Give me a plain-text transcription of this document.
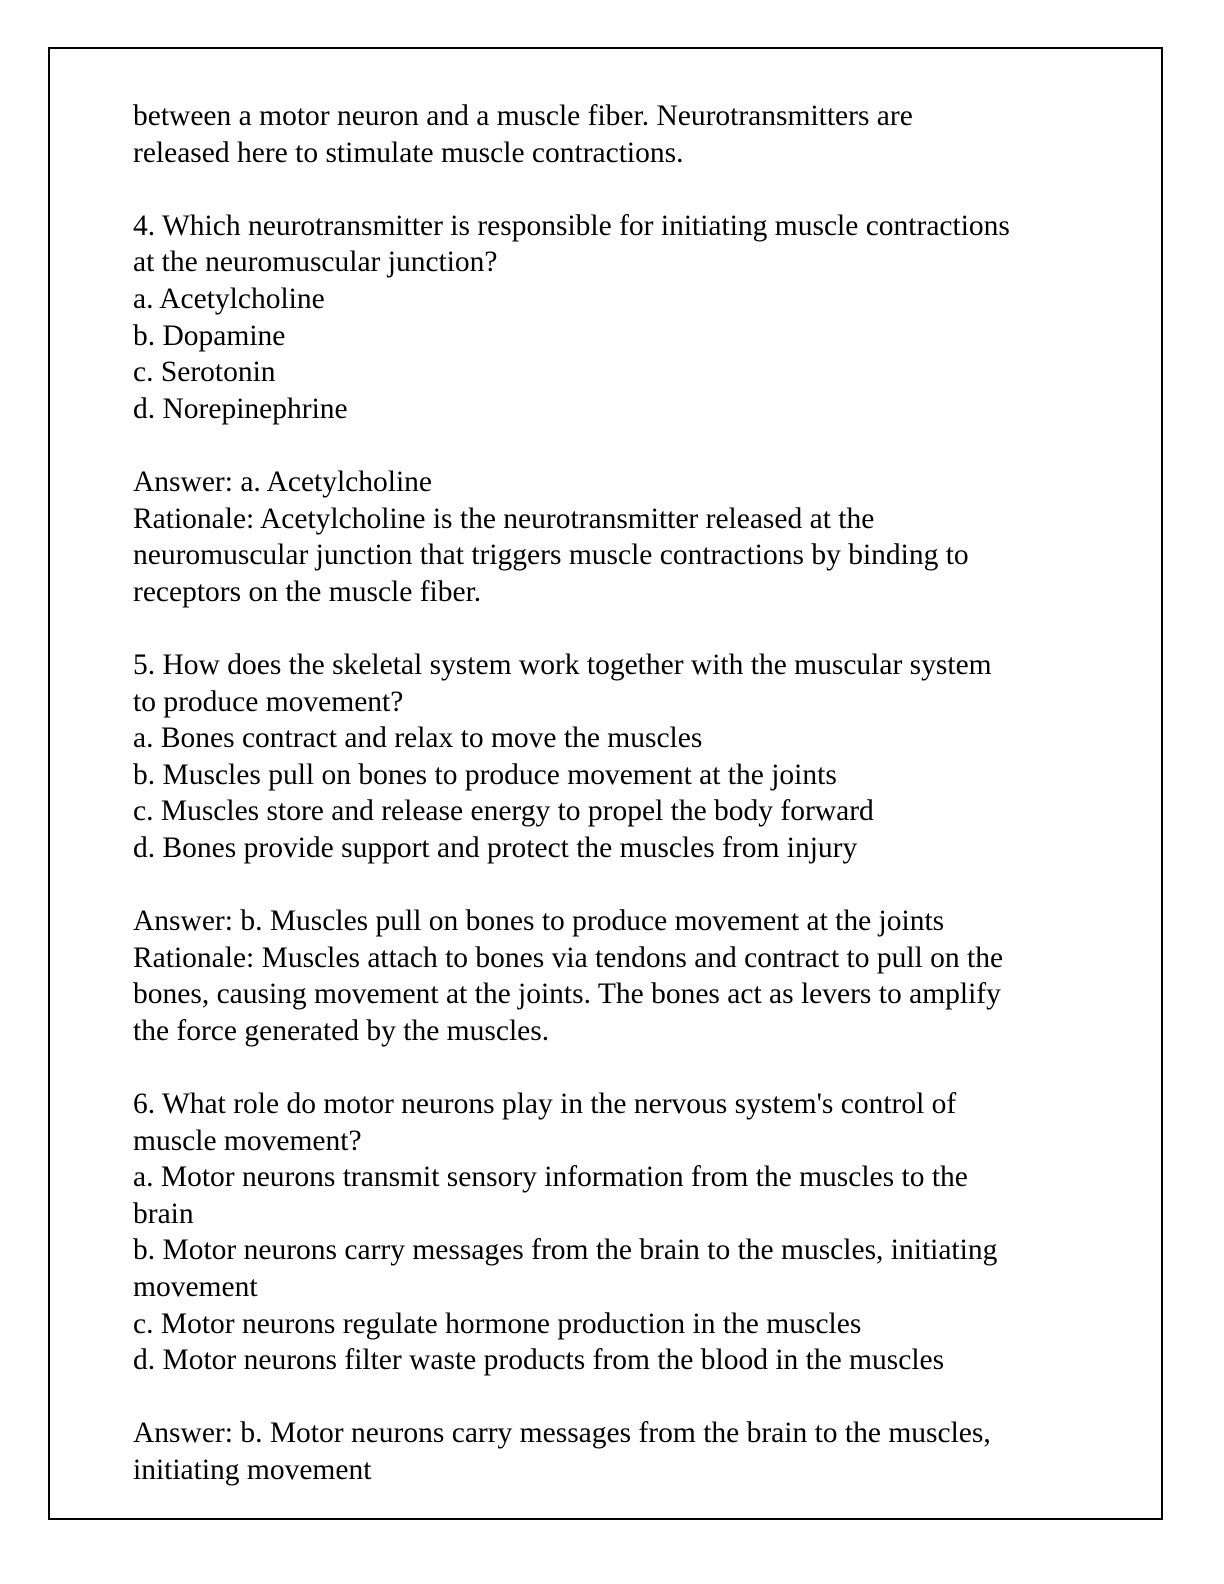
between a motor neuron and a muscle fiber. Neurotransmitters are
released here to stimulate muscle contractions.
4. Which neurotransmitter is responsible for initiating muscle contractions
at the neuromuscular junction?
a. Acetylcholine
b. Dopamine
c. Serotonin
d. Norepinephrine
Answer: a. Acetylcholine
Rationale: Acetylcholine is the neurotransmitter released at the
neuromuscular junction that triggers muscle contractions by binding to
receptors on the muscle fiber.
5. How does the skeletal system work together with the muscular system
to produce movement?
a. Bones contract and relax to move the muscles
b. Muscles pull on bones to produce movement at the joints
c. Muscles store and release energy to propel the body forward
d. Bones provide support and protect the muscles from injury
Answer: b. Muscles pull on bones to produce movement at the joints
Rationale: Muscles attach to bones via tendons and contract to pull on the
bones, causing movement at the joints. The bones act as levers to amplify
the force generated by the muscles.
6. What role do motor neurons play in the nervous system's control of
muscle movement?
a. Motor neurons transmit sensory information from the muscles to the
brain
b. Motor neurons carry messages from the brain to the muscles, initiating
movement
c. Motor neurons regulate hormone production in the muscles
d. Motor neurons filter waste products from the blood in the muscles
Answer: b. Motor neurons carry messages from the brain to the muscles,
initiating movement
